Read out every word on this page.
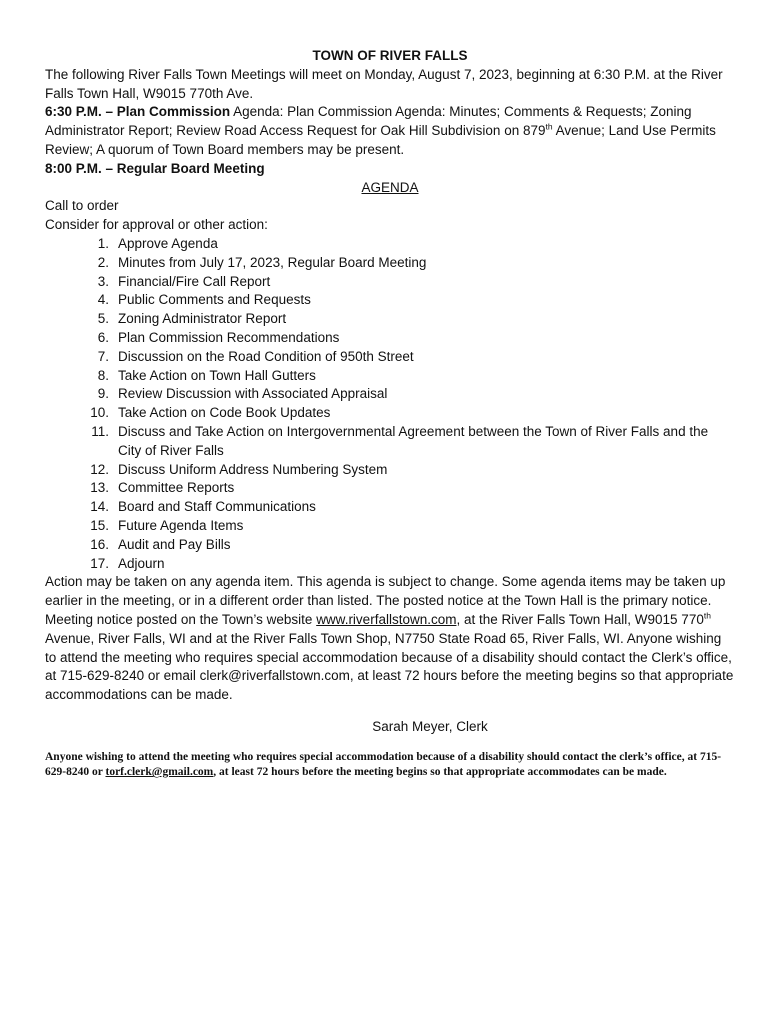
TOWN OF RIVER FALLS

The following River Falls Town Meetings will meet on Monday, August 7, 2023, beginning at 6:30 P.M. at the River Falls Town Hall, W9015 770th Ave.

6:30 P.M. – Plan Commission Agenda: Plan Commission Agenda: Minutes; Comments & Requests; Zoning Administrator Report; Review Road Access Request for Oak Hill Subdivision on 879th Avenue; Land Use Permits Review; A quorum of Town Board members may be present.

8:00 P.M. – Regular Board Meeting

AGENDA

Call to order

Consider for approval or other action:

1. Approve Agenda
2. Minutes from July 17, 2023, Regular Board Meeting
3. Financial/Fire Call Report
4. Public Comments and Requests
5. Zoning Administrator Report
6. Plan Commission Recommendations
7. Discussion on the Road Condition of 950th Street
8. Take Action on Town Hall Gutters
9. Review Discussion with Associated Appraisal
10. Take Action on Code Book Updates
11. Discuss and Take Action on Intergovernmental Agreement between the Town of River Falls and the City of River Falls
12. Discuss Uniform Address Numbering System
13. Committee Reports
14. Board and Staff Communications
15. Future Agenda Items
16. Audit and Pay Bills
17. Adjourn

Action may be taken on any agenda item. This agenda is subject to change. Some agenda items may be taken up earlier in the meeting, or in a different order than listed. The posted notice at the Town Hall is the primary notice. Meeting notice posted on the Town’s website www.riverfallstown.com, at the River Falls Town Hall, W9015 770th Avenue, River Falls, WI and at the River Falls Town Shop, N7750 State Road 65, River Falls, WI. Anyone wishing to attend the meeting who requires special accommodation because of a disability should contact the Clerk’s office, at 715-629-8240 or email clerk@riverfallstown.com, at least 72 hours before the meeting begins so that appropriate accommodations can be made.

Sarah Meyer, Clerk

Anyone wishing to attend the meeting who requires special accommodation because of a disability should contact the clerk’s office, at 715-629-8240 or torf.clerk@gmail.com, at least 72 hours before the meeting begins so that appropriate accommodates can be made.
